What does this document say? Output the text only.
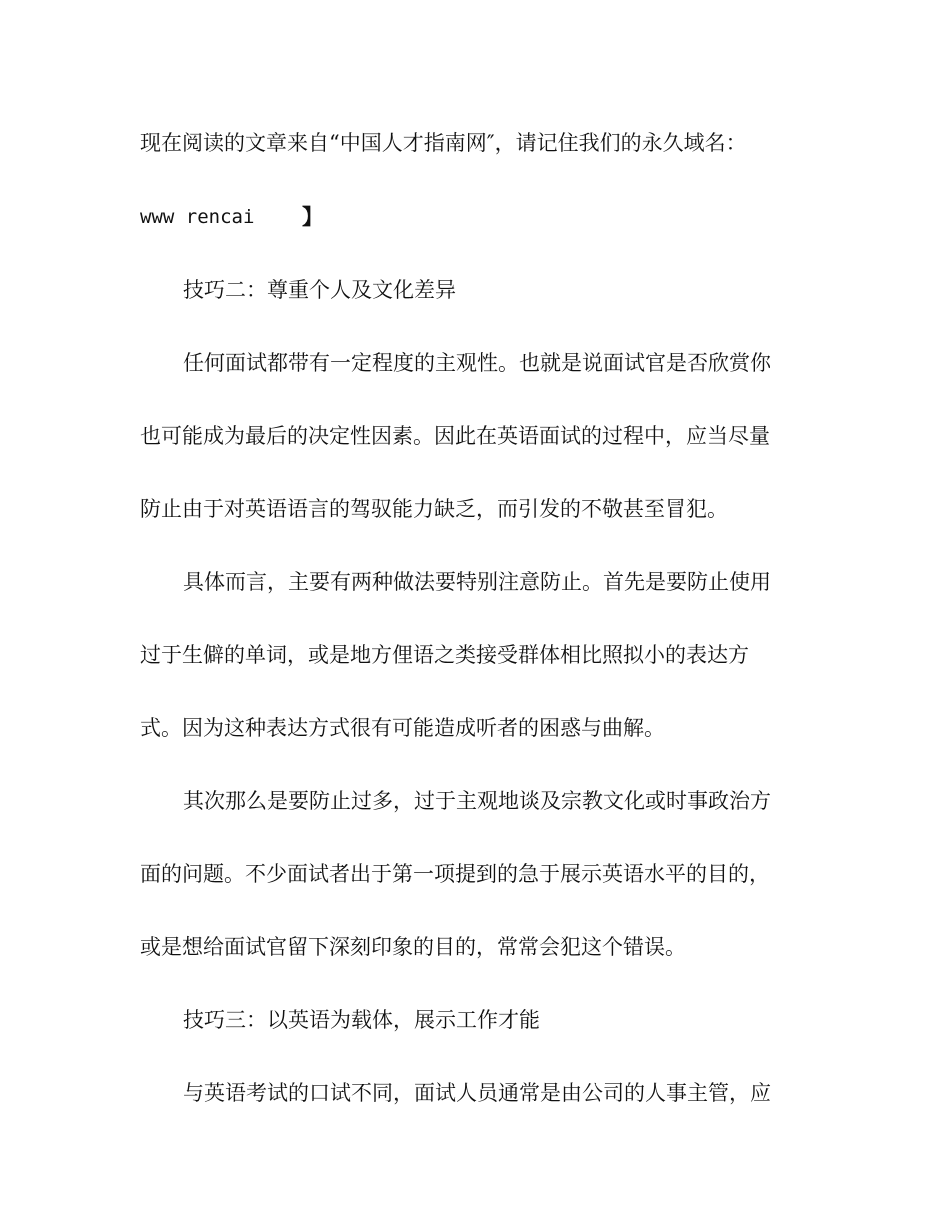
现在阅读的文章来自“中国人才指南网″，请记住我们的永久域名：
www rencai	】
技巧二：尊重个人及文化差异
任何面试都带有一定程度的主观性。也就是说面试官是否欣赏你
也可能成为最后的决定性因素。因此在英语面试的过程中，应当尽量
防止由于对英语语言的驾驭能力缺乏，而引发的不敬甚至冒犯。
具体而言，主要有两种做法要特别注意防止。首先是要防止使用
过于生僻的单词，或是地方俚语之类接受群体相比照拟小的表达方
式。因为这种表达方式很有可能造成听者的困惑与曲解。
其次那么是要防止过多，过于主观地谈及宗教文化或时事政治方
面的问题。不少面试者出于第一项提到的急于展示英语水平的目的，
或是想给面试官留下深刻印象的目的，常常会犯这个错误。
技巧三：以英语为载体，展示工作才能
与英语考试的口试不同，面试人员通常是由公司的人事主管，应
